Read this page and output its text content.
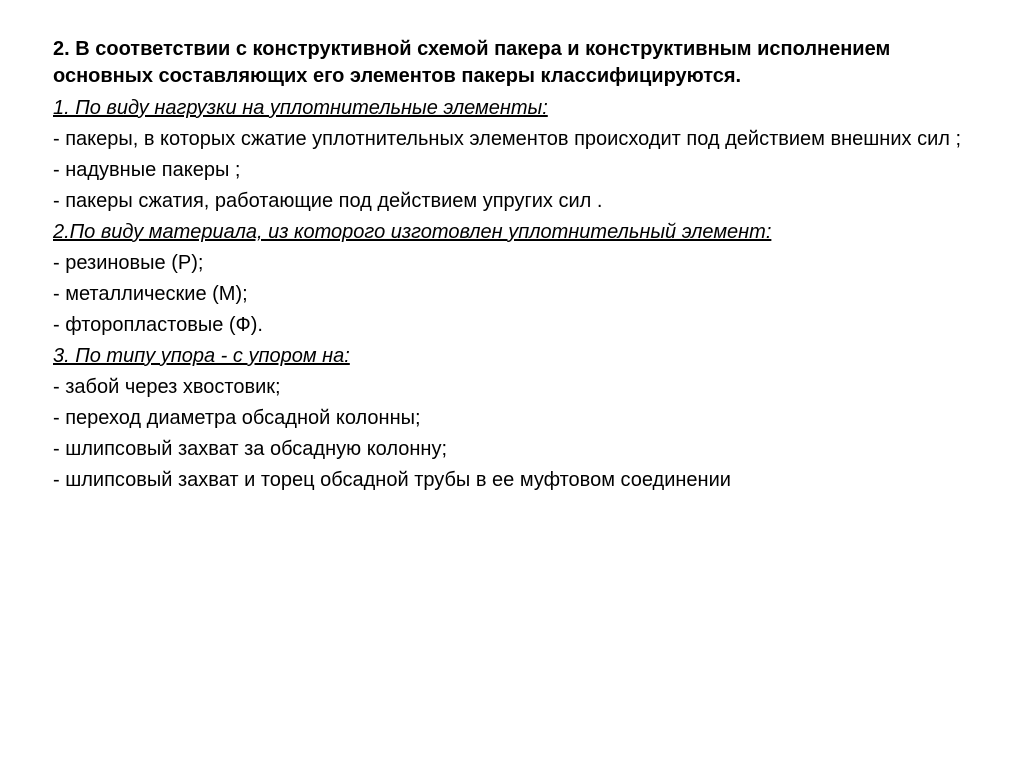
2. В соответствии с конструктивной схемой пакера и конструктивным исполнением основных составляющих его элементов пакеры классифицируются.

1. По виду нагрузки на уплотнительные элементы:

- пакеры, в которых сжатие уплотнительных элементов происходит под действием внешних сил ;

- надувные пакеры ;

- пакеры сжатия, работающие под действием упругих сил .

2.По виду материала, из которого изготовлен уплотнительный элемент:

- резиновые (Р);

- металлические (М);

- фторопластовые (Ф).

3. По типу упора - с упором на:

- забой через хвостовик;

- переход диаметра обсадной колонны;

- шлипсовый захват за обсадную колонну;

- шлипсовый захват и торец обсадной трубы в ее муфтовом соединении
